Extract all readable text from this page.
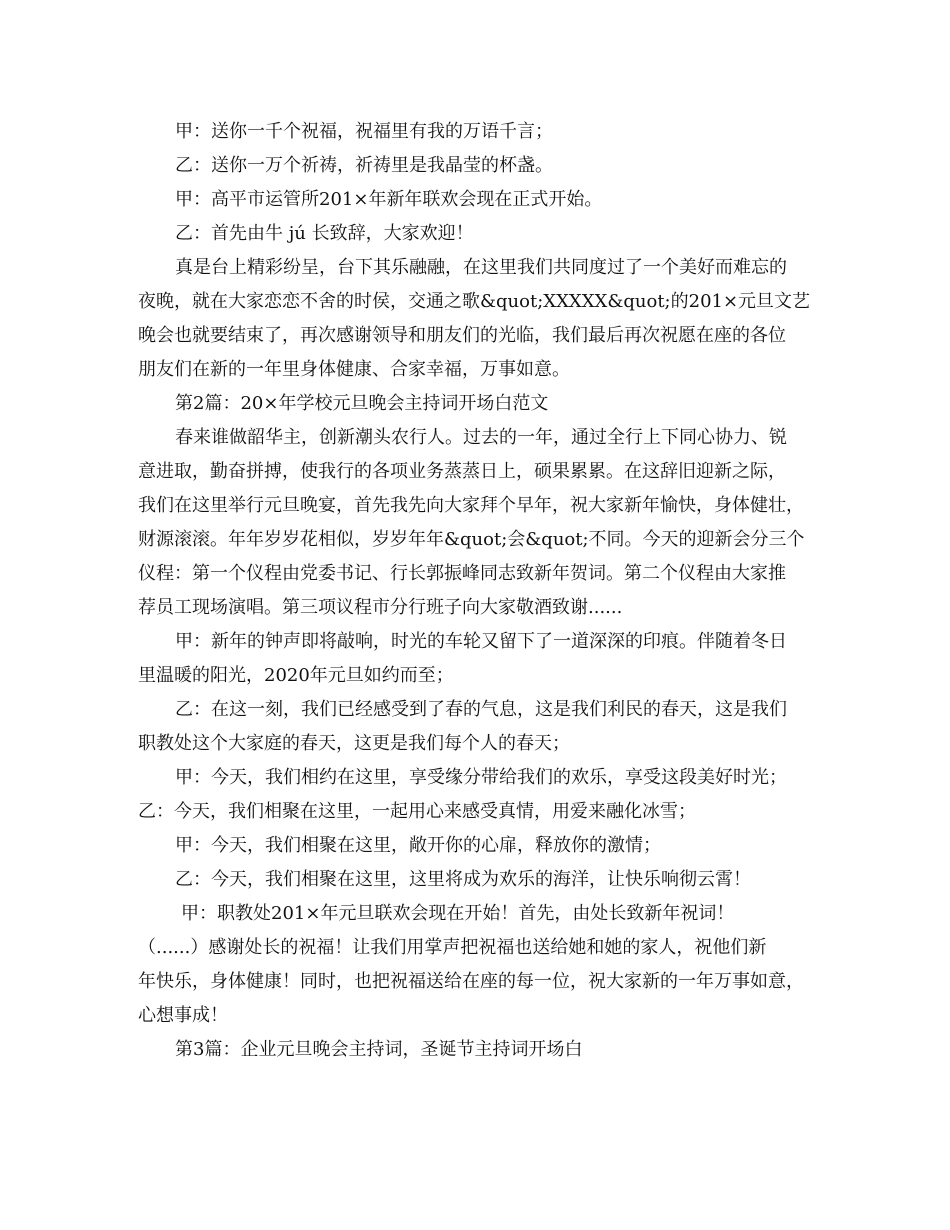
甲：送你一千个祝福，祝福里有我的万语千言；
乙：送你一万个祈祷，祈祷里是我晶莹的杯盏。
甲：高平市运管所201×年新年联欢会现在正式开始。
乙：首先由牛 jú 长致辞，大家欢迎！
真是台上精彩纷呈，台下其乐融融，在这里我们共同度过了一个美好而难忘的
夜晚，就在大家恋恋不舍的时侯，交通之歌&quot;XXXXX&quot;的201×元旦文艺
晚会也就要结束了，再次感谢领导和朋友们的光临，我们最后再次祝愿在座的各位
朋友们在新的一年里身体健康、合家幸福，万事如意。
第2篇：20×年学校元旦晚会主持词开场白范文
春来谁做韶华主，创新潮头农行人。过去的一年，通过全行上下同心协力、锐
意进取，勤奋拼搏，使我行的各项业务蒸蒸日上，硕果累累。在这辞旧迎新之际，
我们在这里举行元旦晚宴，首先我先向大家拜个早年，祝大家新年愉快，身体健壮，
财源滚滚。年年岁岁花相似，岁岁年年&quot;会&quot;不同。今天的迎新会分三个
仪程：第一个仪程由党委书记、行长郭振峰同志致新年贺词。第二个仪程由大家推
荐员工现场演唱。第三项议程市分行班子向大家敬酒致谢......
甲：新年的钟声即将敲响，时光的车轮又留下了一道深深的印痕。伴随着冬日
里温暖的阳光，2020年元旦如约而至；
乙：在这一刻，我们已经感受到了春的气息，这是我们利民的春天，这是我们
职教处这个大家庭的春天，这更是我们每个人的春天；
甲：今天，我们相约在这里，享受缘分带给我们的欢乐，享受这段美好时光；
乙：今天，我们相聚在这里，一起用心来感受真情，用爱来融化冰雪；
甲：今天，我们相聚在这里，敞开你的心扉，释放你的激情；
乙：今天，我们相聚在这里，这里将成为欢乐的海洋，让快乐响彻云霄！
甲：职教处201×年元旦联欢会现在开始！首先，由处长致新年祝词！
（......）感谢处长的祝福！让我们用掌声把祝福也送给她和她的家人，祝他们新
年快乐，身体健康！同时，也把祝福送给在座的每一位，祝大家新的一年万事如意，
心想事成！
第3篇：企业元旦晚会主持词，圣诞节主持词开场白
